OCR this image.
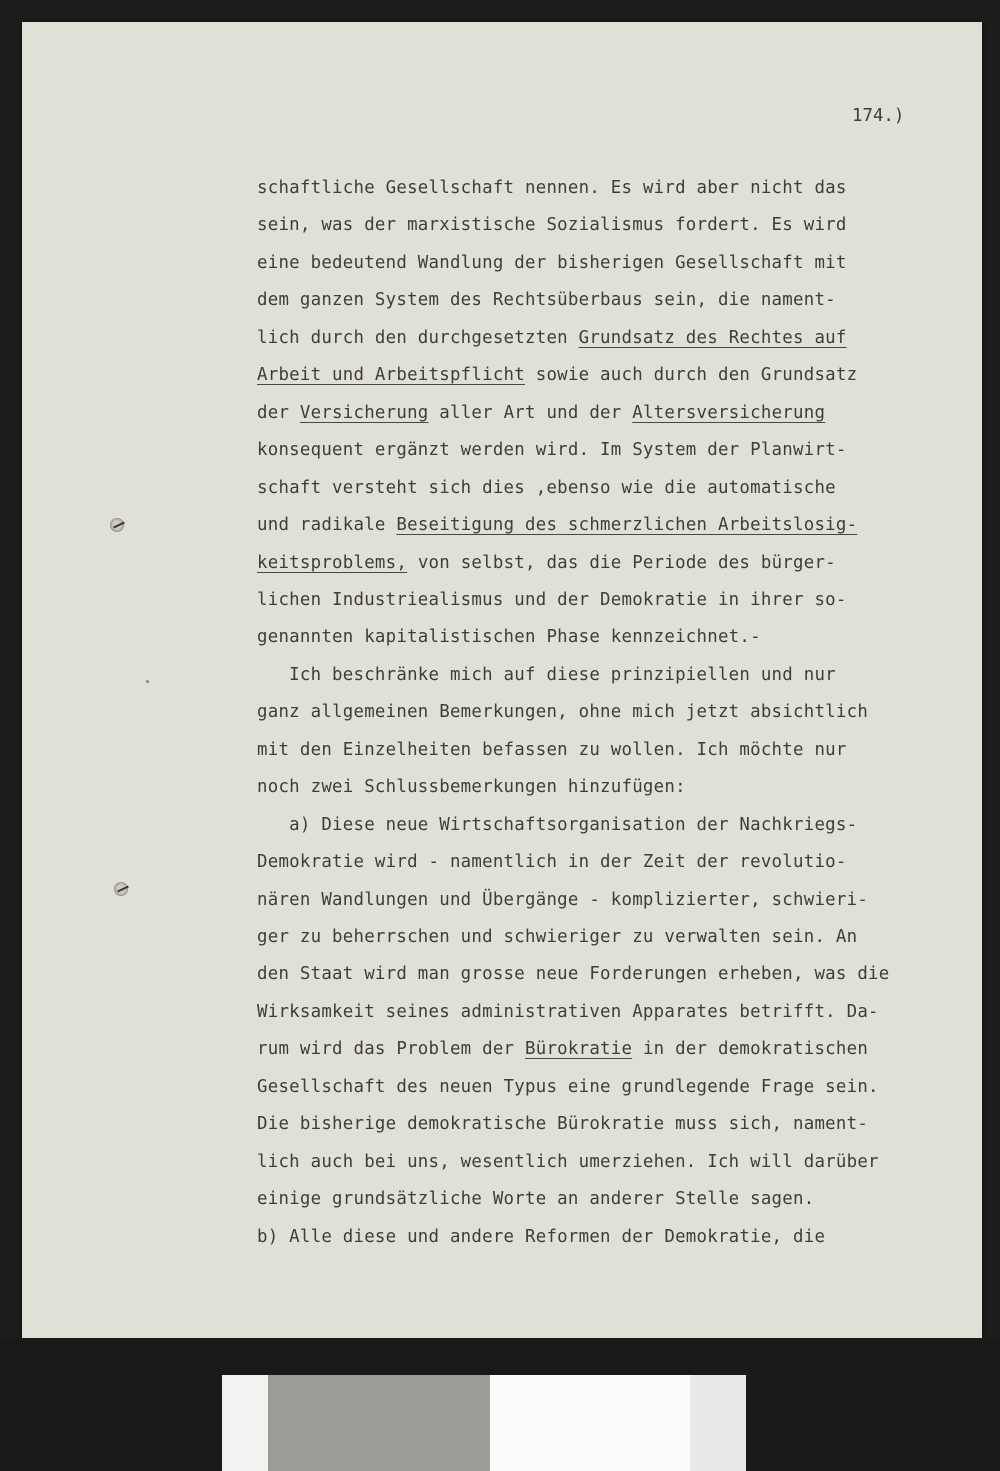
174.)

schaftliche Gesellschaft nennen. Es wird aber nicht das

sein, was der marxistische Sozialismus fordert. Es wird

eine bedeutend Wandlung der bisherigen Gesellschaft mit

dem ganzen System des Rechtsüberbaus sein, die nament-

lich durch den durchgesetzten Grundsatz des Rechtes auf

Arbeit und Arbeitspflicht sowie auch durch den Grundsatz

der Versicherung aller Art und der Altersversicherung

konsequent ergänzt werden wird. Im System der Planwirt-

schaft versteht sich dies ,ebenso wie die automatische

und radikale Beseitigung des schmerzlichen Arbeitslosig-

keitsproblems, von selbst, das die Periode des bürger-

lichen Industriealismus und der Demokratie in ihrer so-

genannten kapitalistischen Phase kennzeichnet.-

Ich beschränke mich auf diese prinzipiellen und nur

ganz allgemeinen Bemerkungen, ohne mich jetzt absichtlich

mit den Einzelheiten befassen zu wollen. Ich möchte nur

noch zwei Schlussbemerkungen hinzufügen:

a) Diese neue Wirtschaftsorganisation der Nachkriegs-

Demokratie wird - namentlich in der Zeit der revolutio-

nären Wandlungen und Übergänge - komplizierter, schwieri-

ger zu beherrschen und schwieriger zu verwalten sein. An

den Staat wird man grosse neue Forderungen erheben, was die

Wirksamkeit seines administrativen Apparates betrifft. Da-

rum wird das Problem der Bürokratie in der demokratischen

Gesellschaft des neuen Typus eine grundlegende Frage sein.

Die bisherige demokratische Bürokratie muss sich, nament-

lich auch bei uns, wesentlich umerziehen. Ich will darüber

einige grundsätzliche Worte an anderer Stelle sagen.

b) Alle diese und andere Reformen der Demokratie, die
